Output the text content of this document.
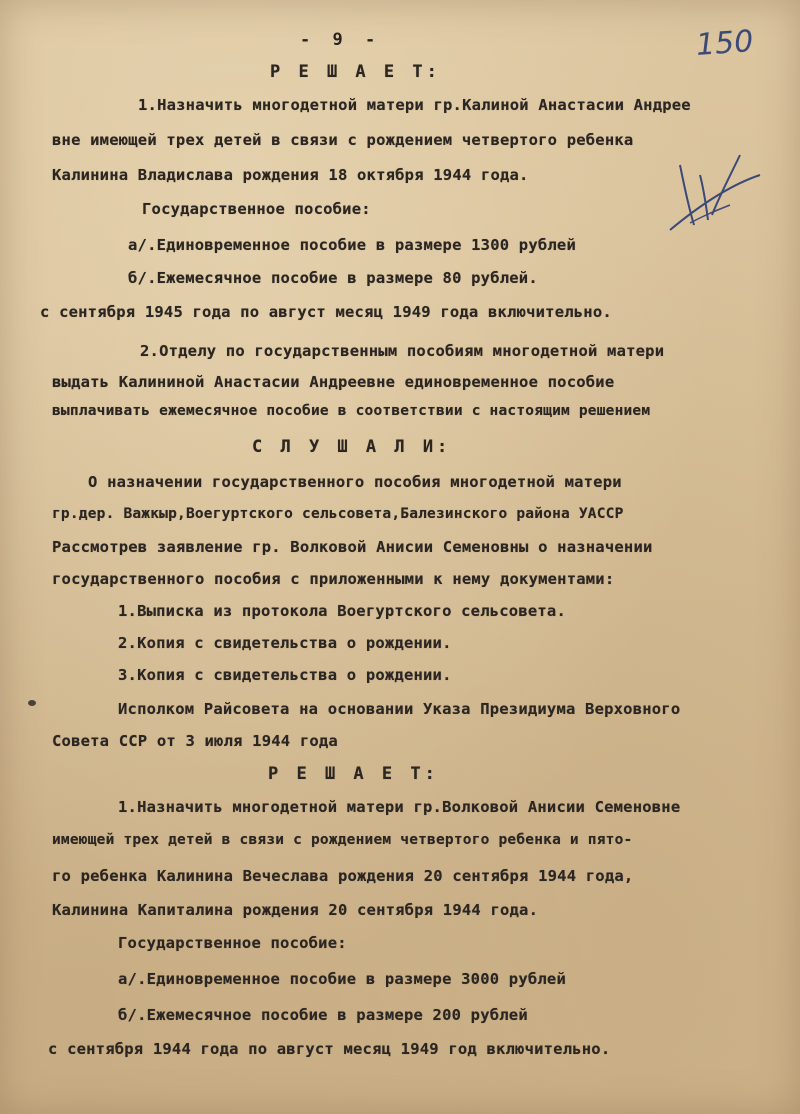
- 9 -	150
Р Е Ш А Е Т:
1.Назначить многодетной матери гр.Калиной Анастасии Андрее
вне имеющей трех детей в связи с рождением четвертого ребенка
Калинина Владислава рождения 18 октября 1944 года.
Государственное пособие:
а/.Единовременное пособие в размере 1300 рублей
б/.Ежемесячное пособие в размере 80 рублей.
с сентября 1945 года по август месяц 1949 года включительно.
2.Отделу по государственным пособиям многодетной матери
выдать Калининой Анастасии Андреевне единовременное пособие
выплачивать ежемесячное пособие в соответствии с настоящим решением
С Л У Ш А Л И:
О назначении государственного пособия многодетной матери
гр.дер. Важкыр,Воегуртского сельсовета,Балезинского района УАССР
Рассмотрев заявление гр. Волковой Анисии Семеновны о назначении
государственного пособия с приложенными к нему документами:
1.Выписка из протокола Воегуртского сельсовета.
2.Копия с свидетельства о рождении.
3.Копия с свидетельства о рождении.
Исполком Райсовета на основании Указа Президиума Верховного
Совета ССР от 3 июля 1944 года
Р Е Ш А Е Т:
1.Назначить многодетной матери гр.Волковой Анисии Семеновне
имеющей трех детей в связи с рождением четвертого ребенка и пято-
го ребенка Калинина Вечеслава рождения 20 сентября 1944 года,
Калинина Капиталина рождения 20 сентября 1944 года.
Государственное пособие:
а/.Единовременное пособие в размере 3000 рублей
б/.Ежемесячное пособие в размере 200 рублей
с сентября 1944 года по август месяц 1949 год включительно.
